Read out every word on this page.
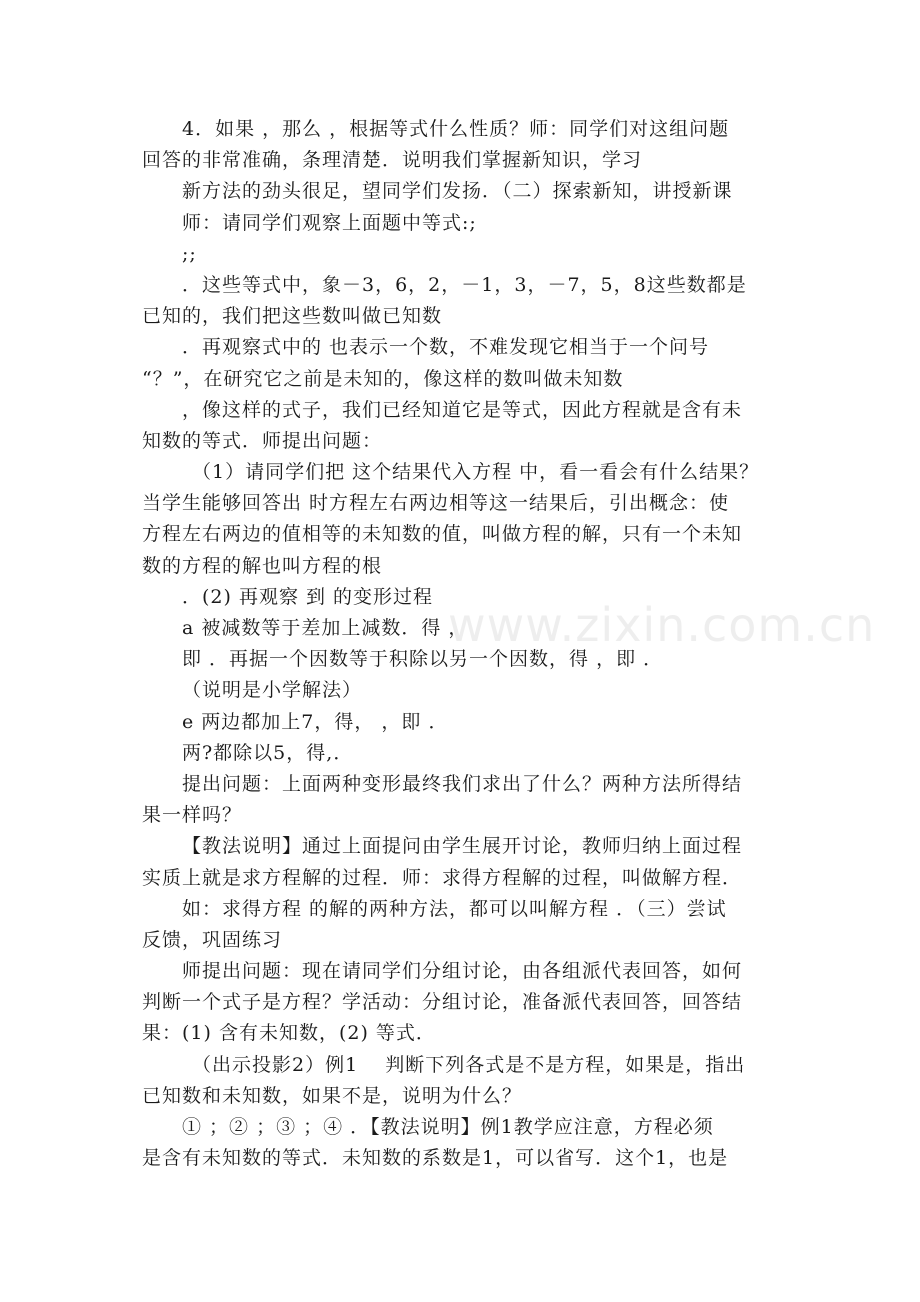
www.zixin.com.cn
4．如果 ，那么 ，根据等式什么性质？师：同学们对这组问题
回答的非常准确，条理清楚．说明我们掌握新知识，学习
新方法的劲头很足，望同学们发扬．（二）探索新知，讲授新课
师：请同学们观察上面题中等式:;
;;
．这些等式中，象－3，6，2，－1，3，－7，5，8这些数都是
已知的，我们把这些数叫做已知数
．再观察式中的 也表示一个数，不难发现它相当于一个问号
“？”，在研究它之前是未知的，像这样的数叫做未知数
，像这样的式子，我们已经知道它是等式，因此方程就是含有未
知数的等式．师提出问题：
（1）请同学们把 这个结果代入方程 中，看一看会有什么结果？
当学生能够回答出 时方程左右两边相等这一结果后，引出概念：使
方程左右两边的值相等的未知数的值，叫做方程的解，只有一个未知
数的方程的解也叫方程的根
．(2) 再观察 到 的变形过程
a 被减数等于差加上减数．得 ，
即 ．再据一个因数等于积除以另一个因数，得 ，即 ．
（说明是小学解法）
e 两边都加上7，得， ，即 ．
两?都除以5，得,．
提出问题：上面两种变形最终我们求出了什么？两种方法所得结
果一样吗？
【教法说明】通过上面提问由学生展开讨论，教师归纳上面过程
实质上就是求方程解的过程．师：求得方程解的过程，叫做解方程．
如：求得方程 的解的两种方法，都可以叫解方程 ．（三）尝试
反馈，巩固练习
师提出问题：现在请同学们分组讨论，由各组派代表回答，如何
判断一个式子是方程？学活动：分组讨论，准备派代表回答，回答结
果：(1) 含有未知数，(2) 等式．
（出示投影2）例1　 判断下列各式是不是方程，如果是，指出
已知数和未知数，如果不是，说明为什么？
① ；② ；③ ；④ ．【教法说明】例1教学应注意，方程必须
是含有未知数的等式．未知数的系数是1，可以省写．这个1，也是
